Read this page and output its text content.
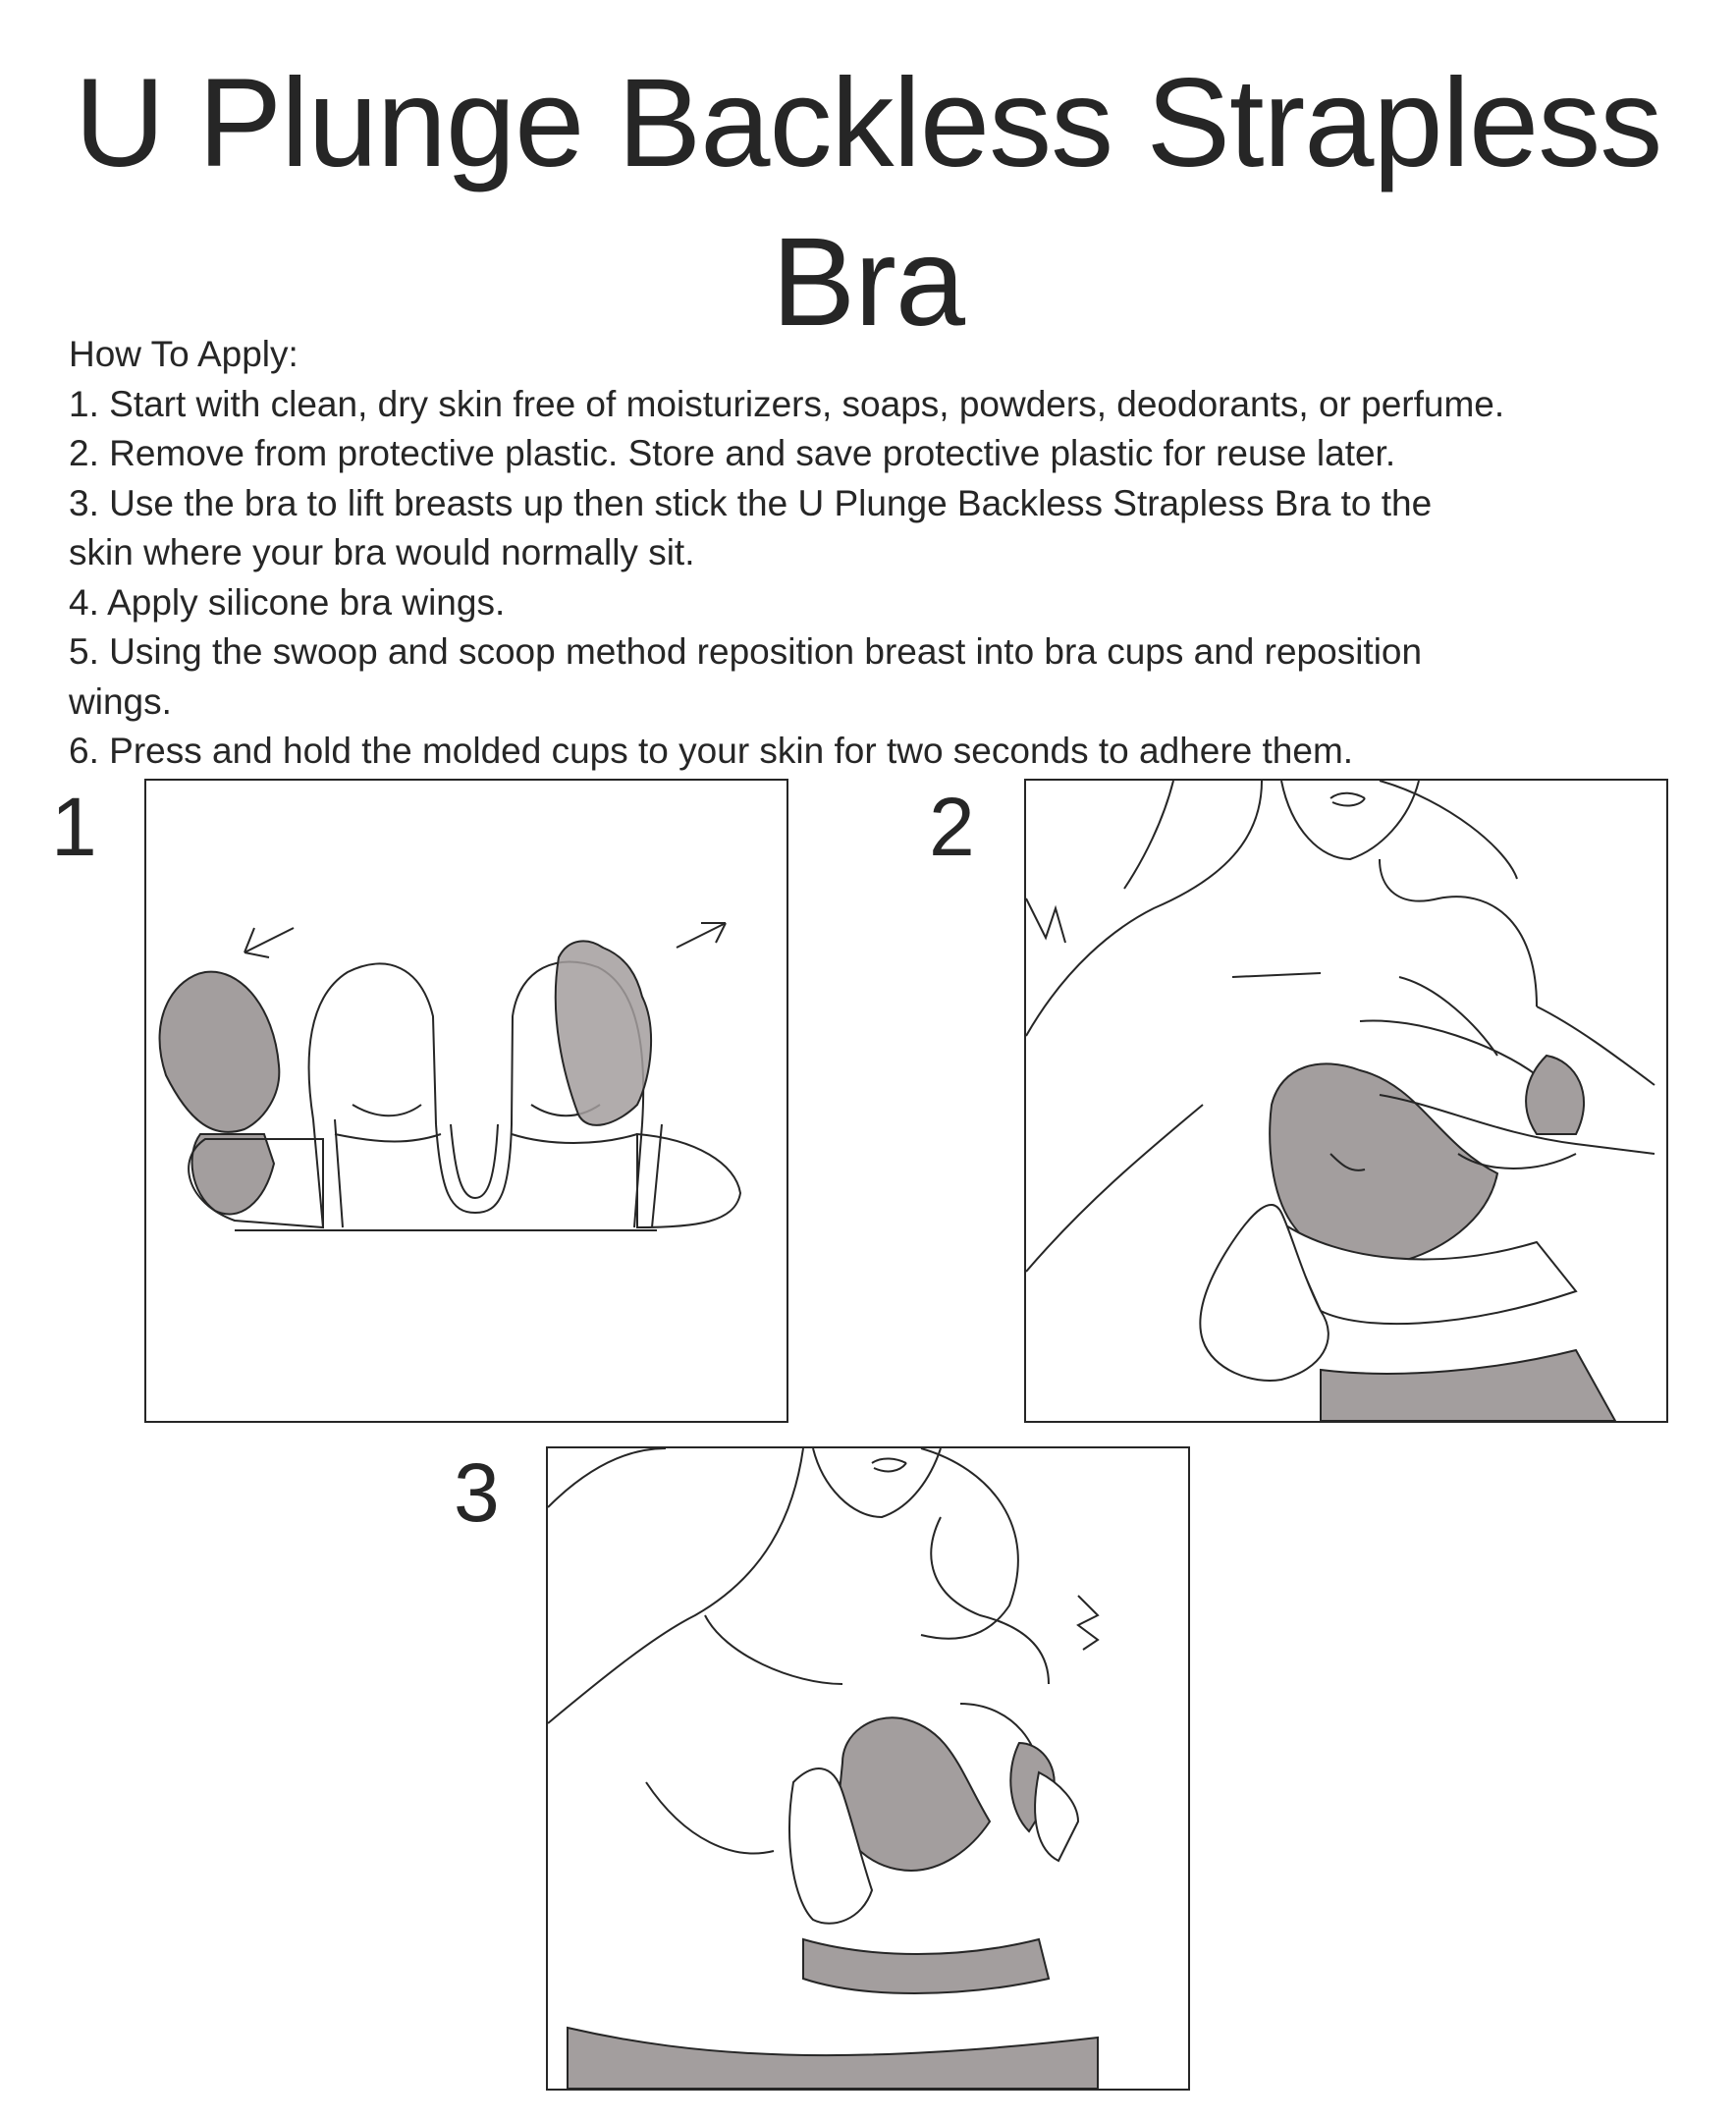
U Plunge Backless Strapless Bra
How To Apply:
1. Start with clean, dry skin free of moisturizers, soaps, powders, deodorants, or perfume.
2. Remove from protective plastic. Store and save protective plastic for reuse later.
3. Use the bra to lift breasts up then stick the U Plunge Backless Strapless Bra to the
skin where your bra would normally sit.
4. Apply silicone bra wings.
5. Using the swoop and scoop method reposition breast into bra cups and reposition
wings.
6. Press and hold the molded cups to your skin for two seconds to adhere them.
1	2
3
